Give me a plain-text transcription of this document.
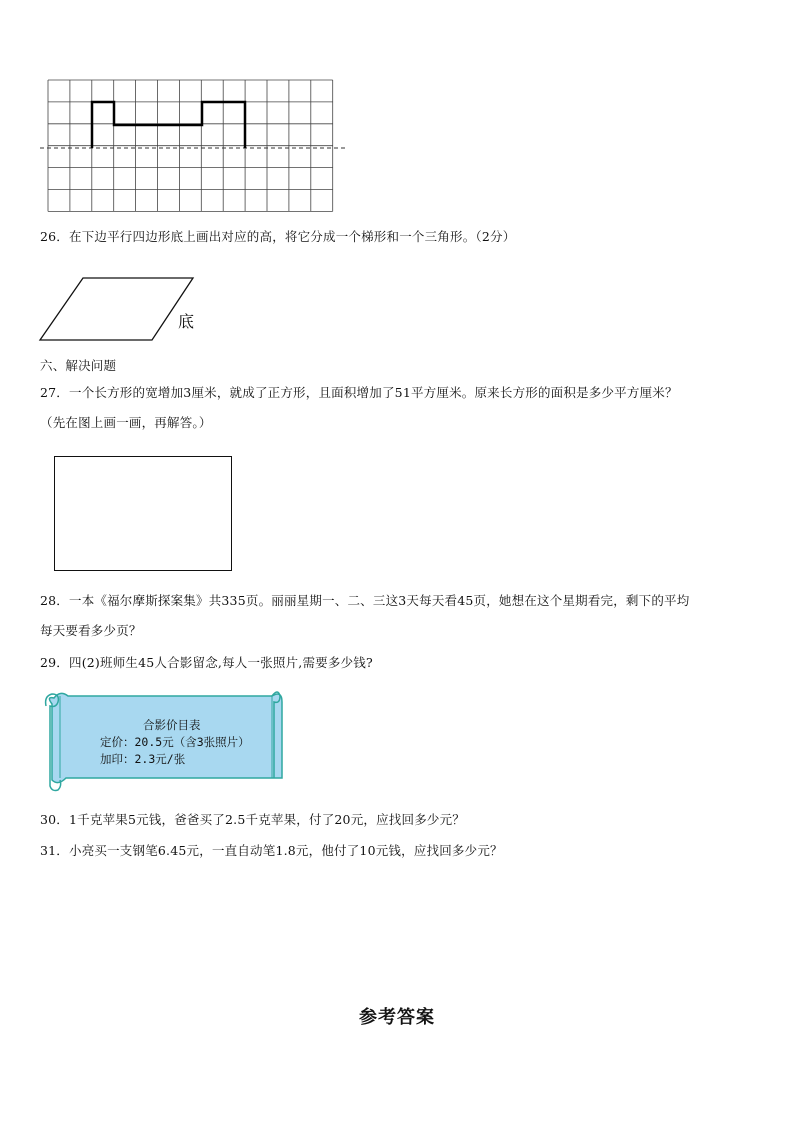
26．在下边平行四边形底上画出对应的高，将它分成一个梯形和一个三角形。（2分）
底
六、解决问题
27．一个长方形的宽增加3厘米，就成了正方形，且面积增加了51平方厘米。原来长方形的面积是多少平方厘米？
（先在图上画一画，再解答。）
28．一本《福尔摩斯探案集》共335页。丽丽星期一、二、三这3天每天看45页，她想在这个星期看完，剩下的平均
每天要看多少页？
29．四(2)班师生45人合影留念,每人一张照片,需要多少钱?
合影价目表
定价：20.5元（含3张照片）
加印：2.3元/张
30．1千克苹果5元钱，爸爸买了2.5千克苹果，付了20元，应找回多少元？
31．小亮买一支钢笔6.45元，一直自动笔1.8元，他付了10元钱，应找回多少元？
参考答案
